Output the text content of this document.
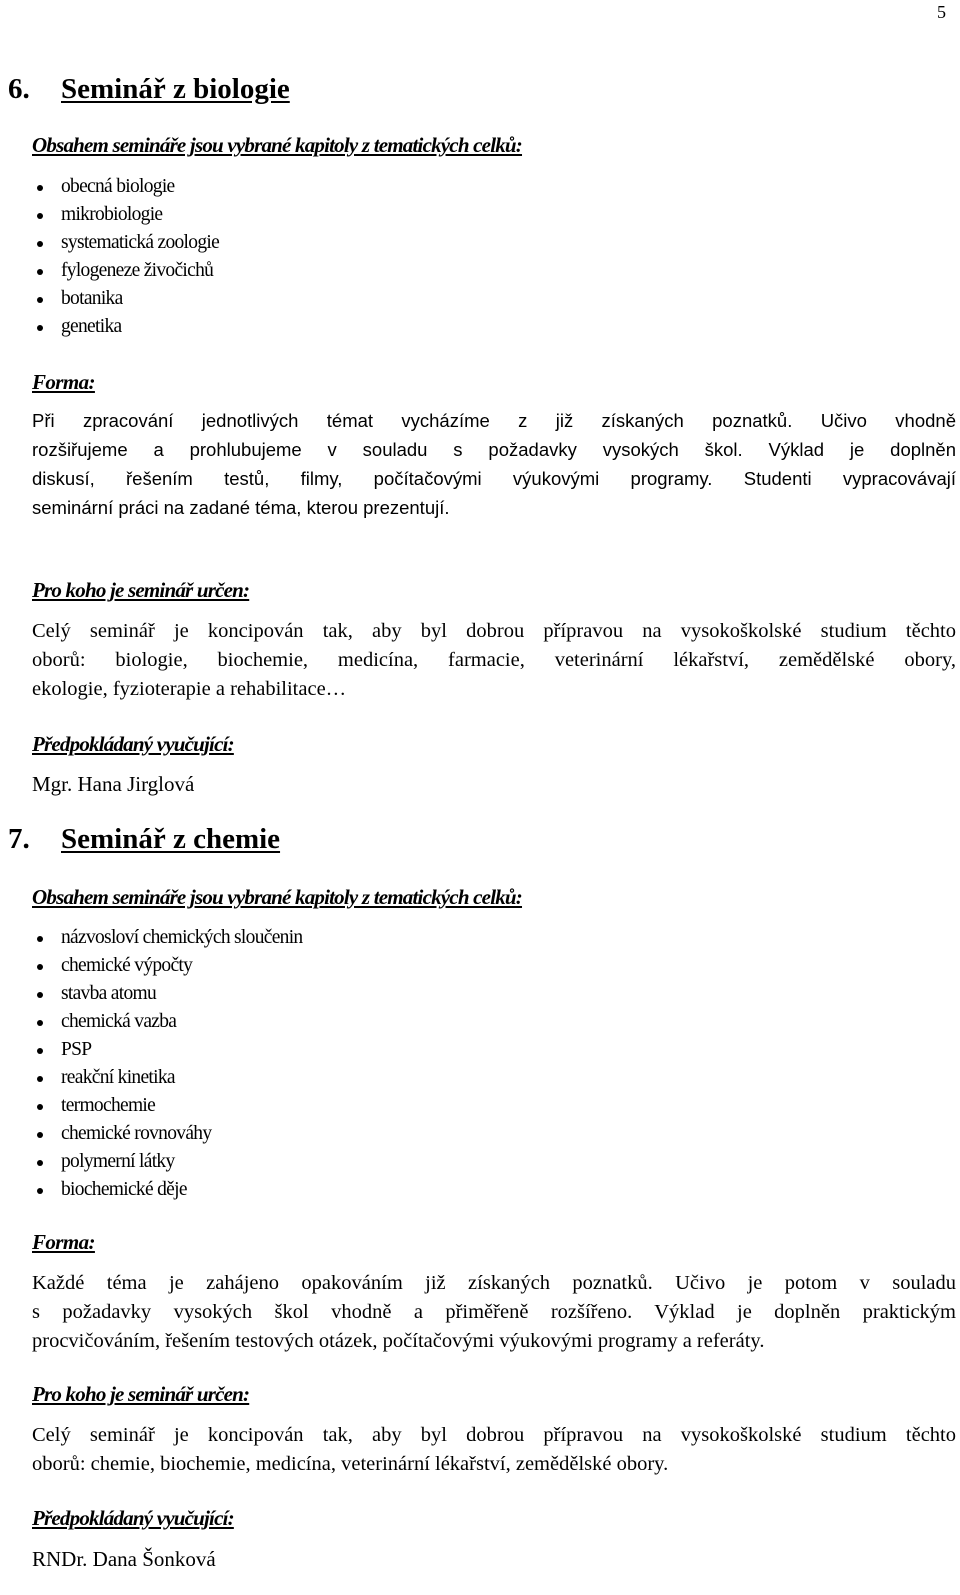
5
6. Seminář z biologie
Obsahem semináře jsou vybrané kapitoly z tematických celků:
obecná biologie
mikrobiologie
systematická zoologie
fylogeneze živočichů
botanika
genetika
Forma:

Při zpracování jednotlivých témat vycházíme z již získaných poznatků. Učivo vhodně
rozšiřujeme a prohlubujeme v souladu s požadavky vysokých škol. Výklad je doplněn
diskusí, řešením testů, filmy, počítačovými výukovými programy. Studenti vypracovávají
seminární práci na zadané téma, kterou prezentují.

Pro koho je seminář určen:

Celý seminář je koncipován tak, aby byl dobrou přípravou na vysokoškolské studium těchto
oborů: biologie, biochemie, medicína, farmacie, veterinární lékařství, zemědělské obory,
ekologie, fyzioterapie a rehabilitace…

Předpokládaný vyučující:

Mgr. Hana Jirglová

7. Seminář z chemie
Obsahem semináře jsou vybrané kapitoly z tematických celků:
názvosloví chemických sloučenin
chemické výpočty
stavba atomu
chemická vazba
PSP
reakční kinetika
termochemie
chemické rovnováhy
polymerní látky
biochemické děje
Forma:

Každé téma je zahájeno opakováním již získaných poznatků. Učivo je potom v souladu
s požadavky vysokých škol vhodně a přiměřeně rozšířeno. Výklad je doplněn praktickým
procvičováním, řešením testových otázek, počítačovými výukovými programy a referáty.

Pro koho je seminář určen:

Celý seminář je koncipován tak, aby byl dobrou přípravou na vysokoškolské studium těchto
oborů: chemie, biochemie, medicína, veterinární lékařství, zemědělské obory.

Předpokládaný vyučující:

RNDr. Dana Šonková
